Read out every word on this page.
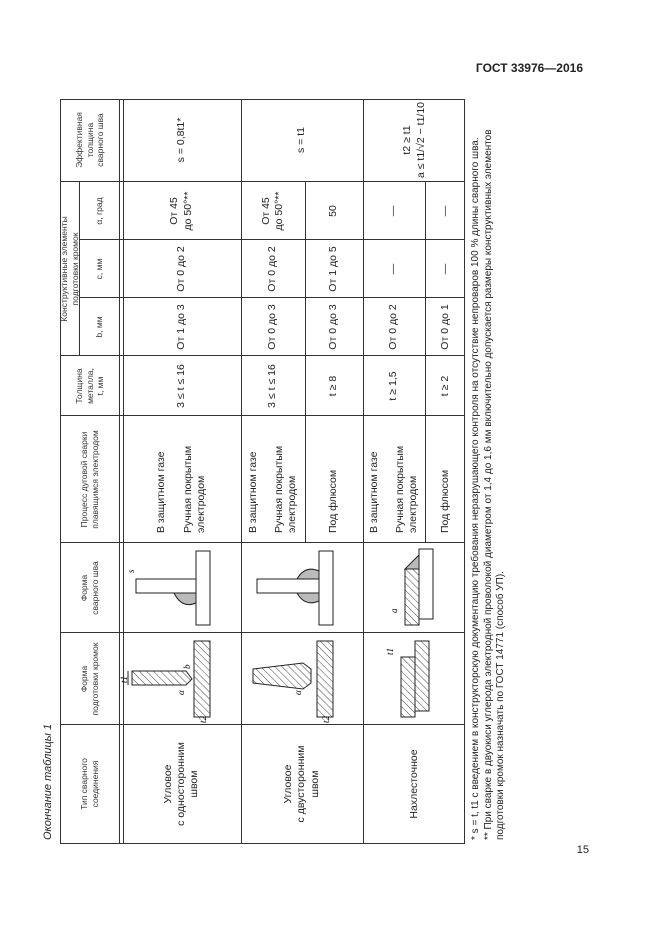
ГОСТ 33976—2016
Окончание таблицы 1	Тип сварного
соединения
Форма
подготовки кромок
Форма
сварного шва
Процесс дуговой сварки
плавящимся электродом
Толщина
металла,
t, мм
Конструктивные элементы
подготовки кромок
b, мм
c, мм
α, град
Эффективная
толщина
сварного шва
Угловое
с односторонним
швом
В защитном газе

Ручная покрытым
электродом
3 ≤ t ≤ 16
От 1 до 3
От 0 до 2
От 45
до 50°**
s = 0,8t1*
Угловое
с двусторонним
швом
В защитном газе

Ручная покрытым
электродом
3 ≤ t ≤ 16
От 0 до 3
От 0 до 2
От 45
до 50°**
Под флюсом
t ≥ 8
От 0 до 3
От 1 до 5
50
s = t1
Нахлесточное
В защитном газе

Ручная покрытым
электродом
t ≥ 1,5
От 0 до 2
—
—
Под флюсом
t ≥ 2
От 0 до 1
—
—
t2 ≥ t1
a ≤ t1/√2 − t1/10
t1
b
α
t2
s
α
t2
t1
a	* s = t, t1 с введением в конструкторскую документацию требования неразрушающего контроля на отсутствие непроваров 100 % длины сварного шва. ** При сварке в двуокиси углерода электродной проволокой диаметром от 1,4 до 1,6 мм включительно допускается размеры конструктивных элементов подготовки кромок назначать по ГОСТ 14771 (способ УП).
15
